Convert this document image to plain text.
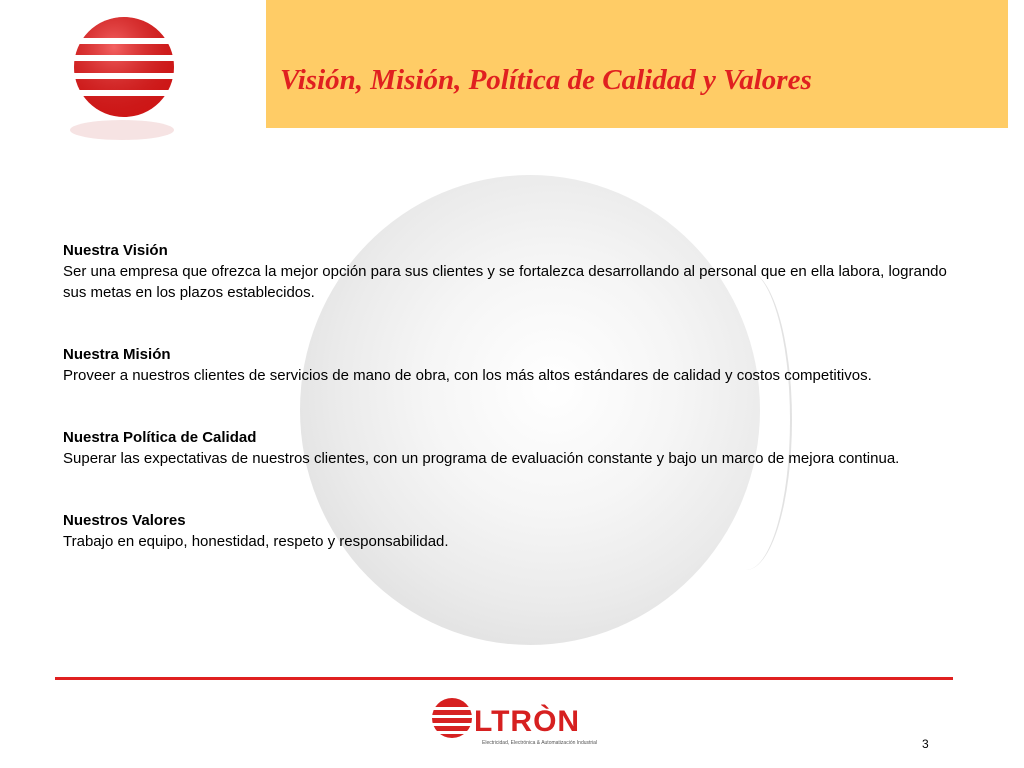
Visión, Misión, Política de Calidad y Valores
Nuestra Visión

Ser una empresa que ofrezca la mejor opción para sus clientes y se fortalezca desarrollando al personal que en ella labora, logrando sus metas en los plazos establecidos.

Nuestra Misión

Proveer a nuestros clientes de servicios de mano de obra, con los más altos estándares de calidad y costos competitivos.

Nuestra Política de Calidad

Superar las expectativas de nuestros clientes, con un programa de evaluación constante y bajo un marco de mejora continua.

Nuestros Valores

Trabajo en equipo, honestidad, respeto y responsabilidad.

LTRÒN
Electricidad, Electrónica & Automatización Industrial	3
